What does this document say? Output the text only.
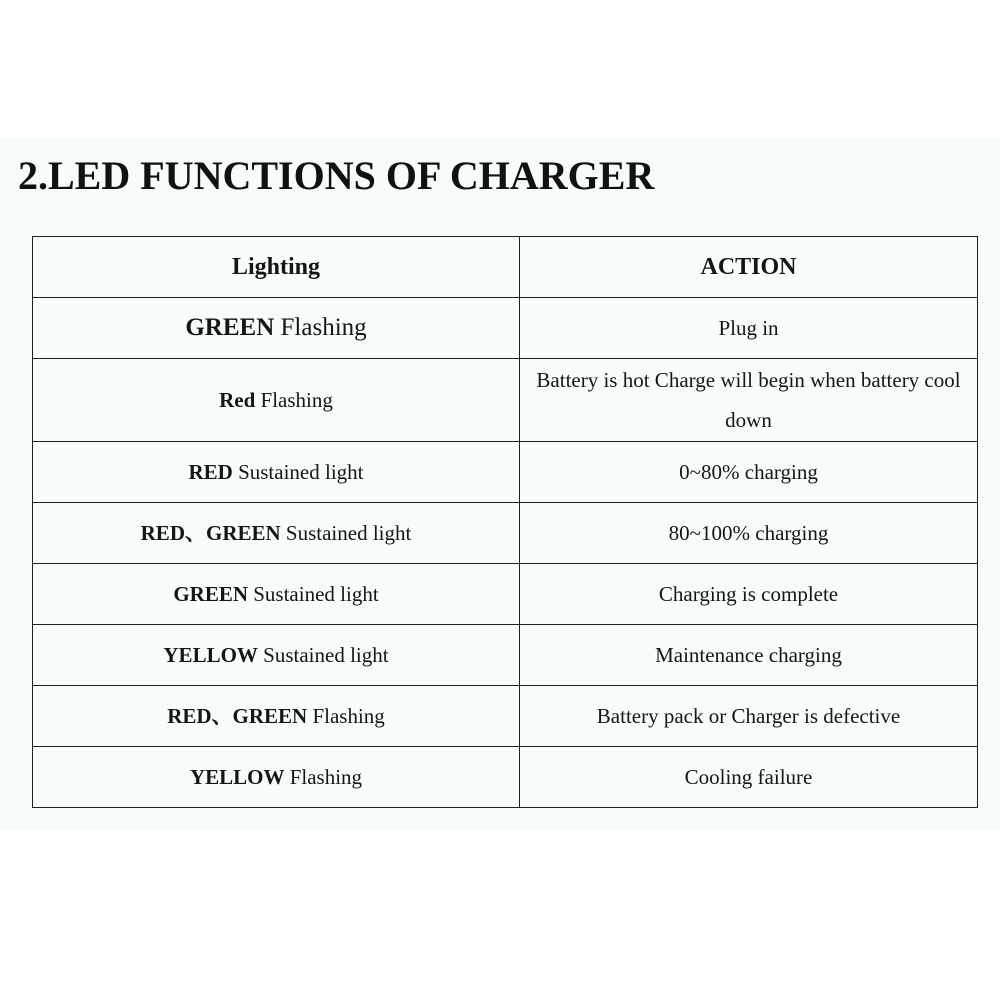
2.LED FUNCTIONS OF CHARGER
Lighting	ACTION
GREEN Flashing	Plug in
Red Flashing	Battery is hot Charge will begin when battery cool down
RED Sustained light	0~80% charging
RED、GREEN Sustained light	80~100% charging
GREEN Sustained light	Charging is complete
YELLOW Sustained light	Maintenance charging
RED、GREEN Flashing	Battery pack or Charger is defective
YELLOW Flashing	Cooling failure
